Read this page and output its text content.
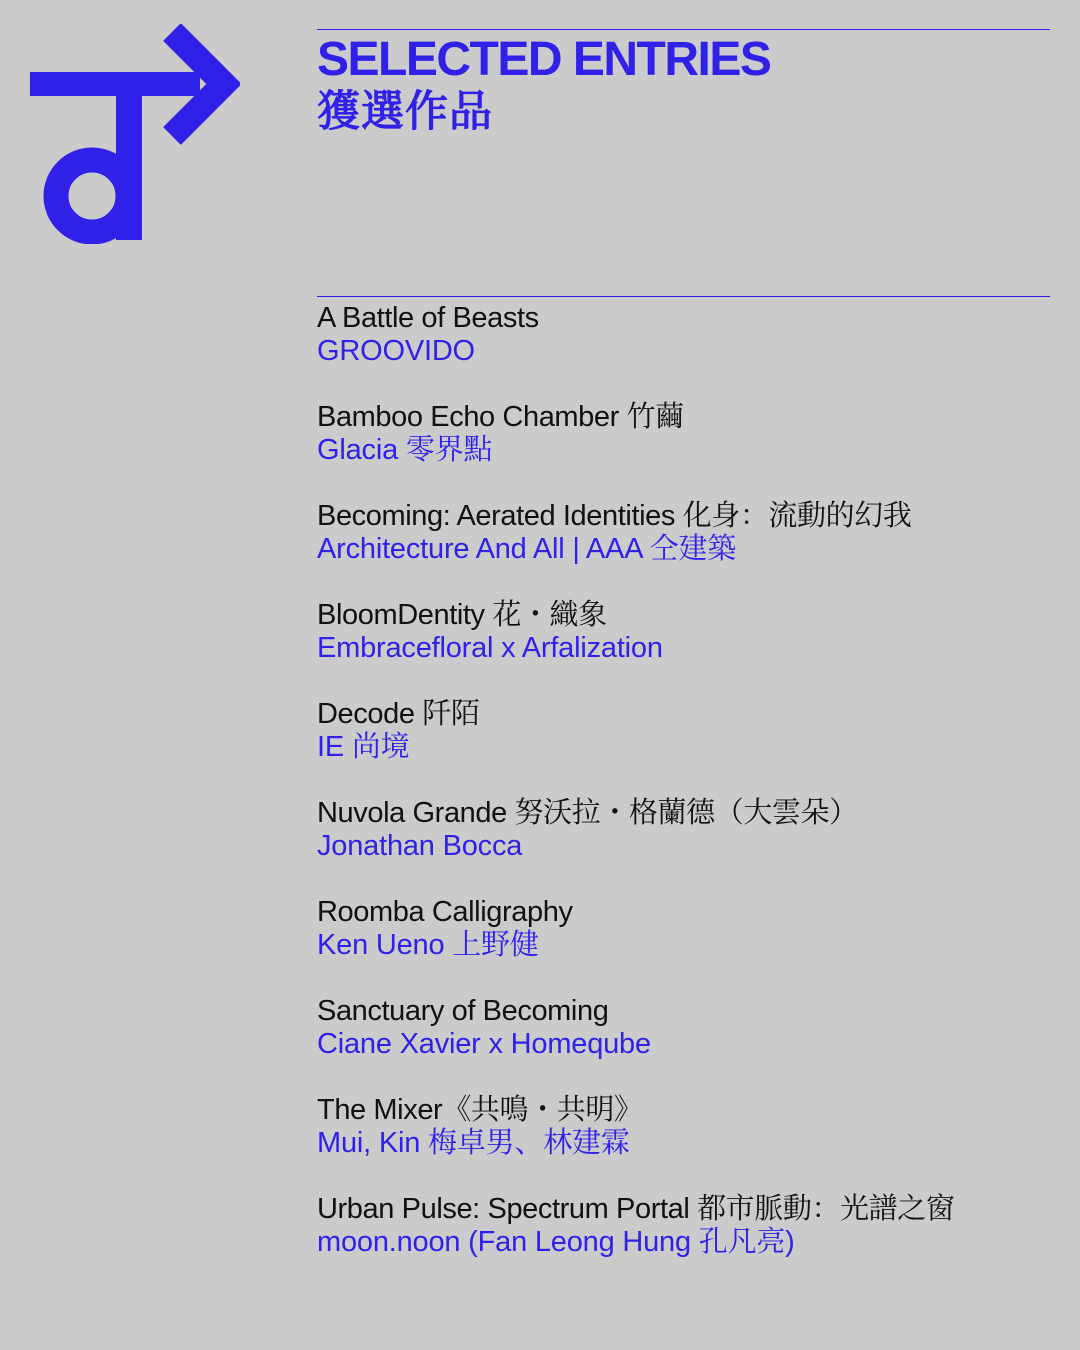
SELECTED ENTRIES
獲選作品
A Battle of Beasts
GROOVIDO
Bamboo Echo Chamber 竹繭
Glacia 零界點
Becoming: Aerated Identities 化身：流動的幻我
Architecture And All | AAA 仝建築
BloomDentity 花・織象
Embracefloral x Arfalization
Decode 阡陌
IE 尚境
Nuvola Grande 努沃拉・格蘭德（大雲朵）
Jonathan Bocca
Roomba Calligraphy
Ken Ueno 上野健
Sanctuary of Becoming
Ciane Xavier x Homeqube
The Mixer《共鳴・共明》
Mui, Kin 梅卓男、林建霖
Urban Pulse: Spectrum Portal 都市脈動：光譜之窗
moon.noon (Fan Leong Hung 孔凡亮)
